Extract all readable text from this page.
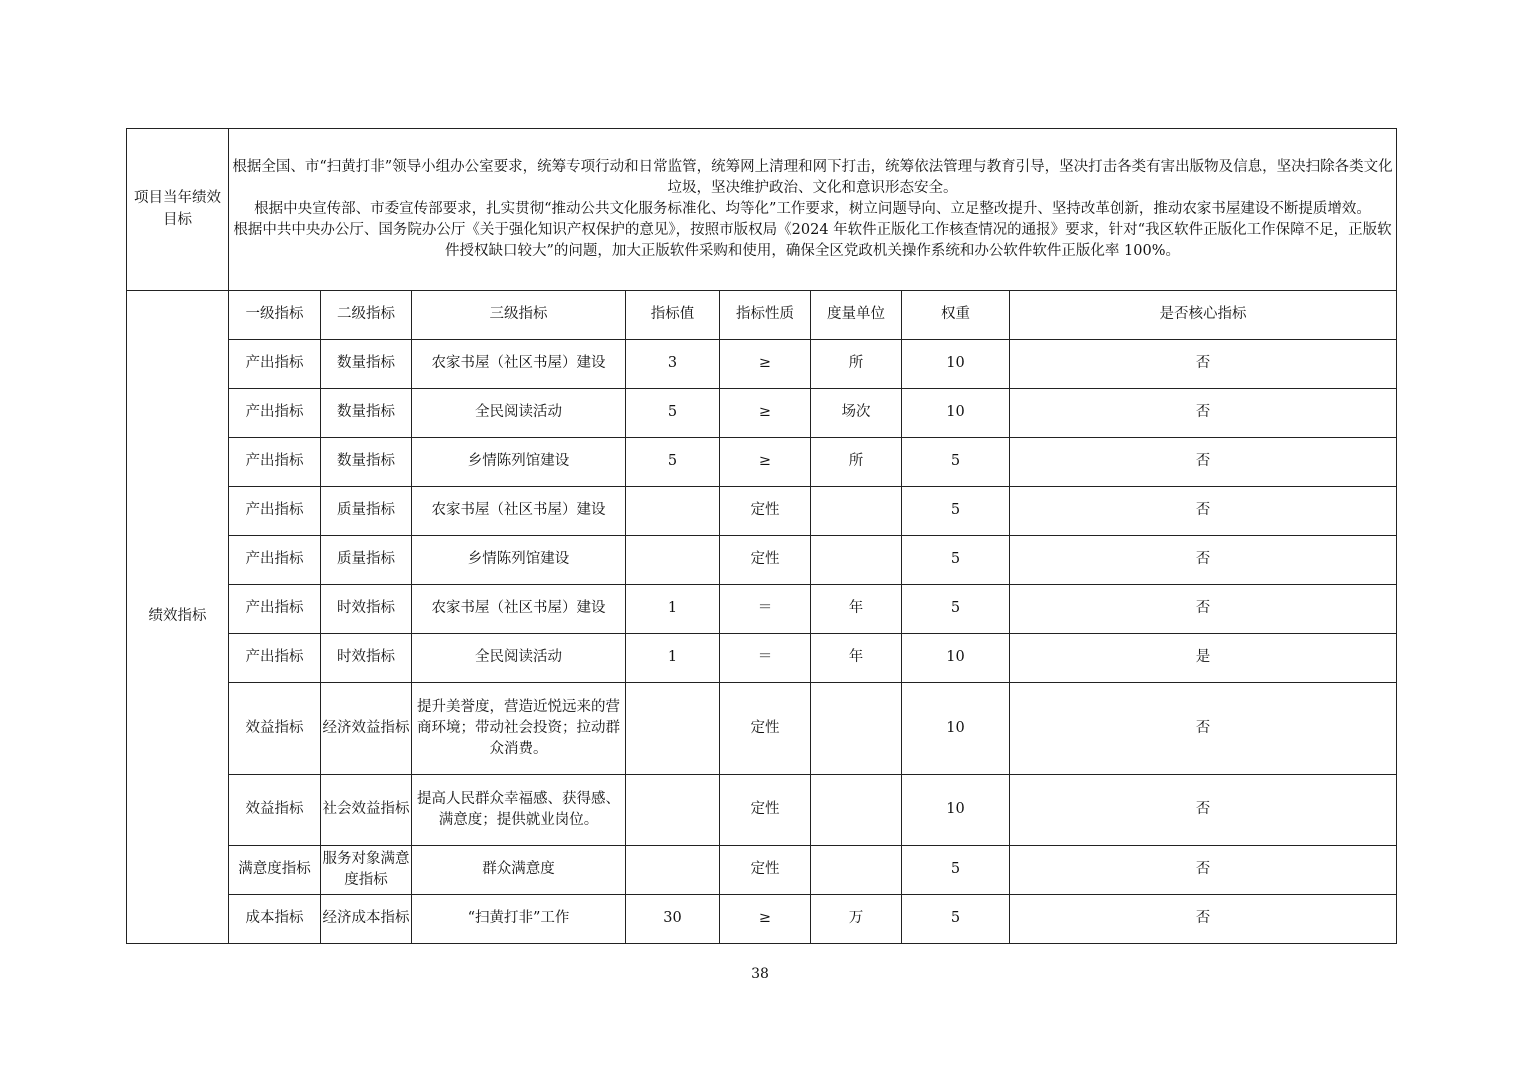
项目当年绩效目标	根据全国、市“扫黄打非”领导小组办公室要求，统筹专项行动和日常监管，统筹网上清理和网下打击，统筹依法管理与教育引导，坚决打击各类有害出版物及信息，坚决扫除各类文化垃圾，坚决维护政治、文化和意识形态安全。

根据中央宣传部、市委宣传部要求，扎实贯彻“推动公共文化服务标准化、均等化”工作要求，树立问题导向、立足整改提升、坚持改革创新，推动农家书屋建设不断提质增效。

根据中共中央办公厅、国务院办公厅《关于强化知识产权保护的意见》，按照市版权局《2024 年软件正版化工作核查情况的通报》要求，针对“我区软件正版化工作保障不足，正版软件授权缺口较大”的问题，加大正版软件采购和使用，确保全区党政机关操作系统和办公软件软件正版化率 100%。							

绩效指标	一级指标	二级指标	三级指标	指标值	指标性质	度量单位	权重	是否核心指标
	产出指标	数量指标	农家书屋（社区书屋）建设	3	≥	所	10	否
	产出指标	数量指标	全民阅读活动	5	≥	场次	10	否
	产出指标	数量指标	乡情陈列馆建设	5	≥	所	5	否
	产出指标	质量指标	农家书屋（社区书屋）建设		定性		5	否
	产出指标	质量指标	乡情陈列馆建设		定性		5	否
	产出指标	时效指标	农家书屋（社区书屋）建设	1	＝	年	5	否
	产出指标	时效指标	全民阅读活动	1	＝	年	10	是
	效益指标	经济效益指标	提升美誉度，营造近悦远来的营商环境；带动社会投资；拉动群众消费。		定性		10	否
	效益指标	社会效益指标	提高人民群众幸福感、获得感、满意度；提供就业岗位。		定性		10	否
	满意度指标	服务对象满意度指标	群众满意度		定性		5	否
	成本指标	经济成本指标	“扫黄打非”工作	30	≥	万	5	否
38
